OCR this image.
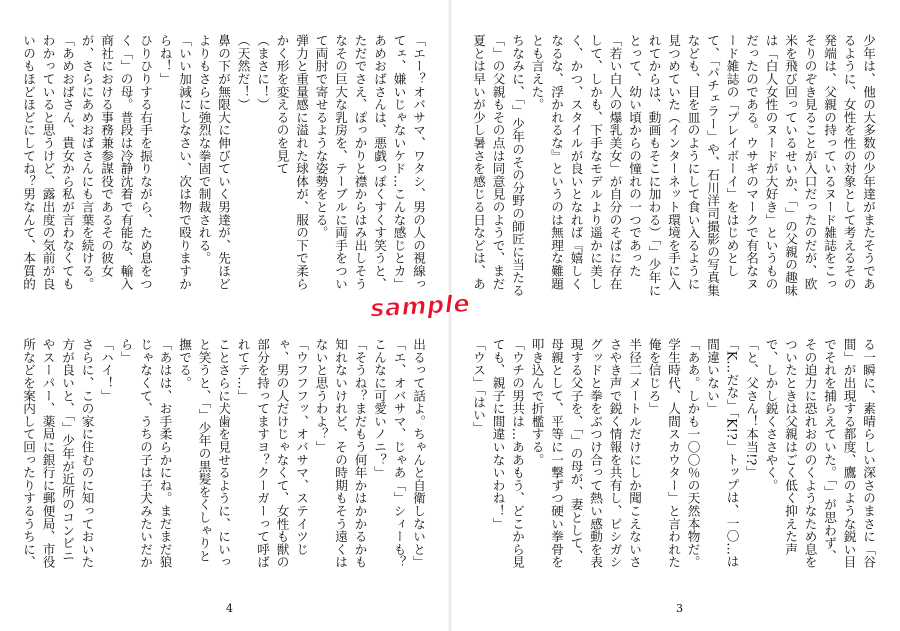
「エー？オバサマ、ワタシ、男の人の視線ってェ、嫌いじゃないケド…こんな感じとカ」
あめおばさんは、悪戯っぽくすくす笑うと、ただでさえ、ぽっかりと襟からはみ出しそうなその巨大な乳房を、テーブルに両手をついて両肘で寄せるような姿勢をとる。
弾力と重量感に溢れた球体が、服の下で柔らかく形を変えるのを見て
（まさに！）
（天然だ！）
鼻の下が無限大に伸びていく男達が、先ほどよりもさらに強烈な拳固で制裁される。
「いい加減にしなさい、次は物で殴りますからね！」
ひりひりする右手を振りながら、ため息をつく「」の母。普段は冷静沈着で有能な、輸入商社における事務兼参謀役であるその彼女が、さらにあめおばさんにも言葉を続ける。
「あめおばさん、貴女から私が言わなくてもわかっていると思うけど、露出度の気前が良いのもほどほどにしてね？男なんて、本質的
出るって話よ。ちゃんと自衛しないと」
「エ、オバサマ、じゃあ「」シィーも？こんなに可愛いノニ？」
「そうね？まだもう何年かはかかるかも知れないけれど、その時期もそう遠くはないと思うわよ？」
「ウフフフッ、オバサマ、ステイツじゃ、男の人だけじゃなくて、女性も獣の部分を持ってますヨ？クーガーって呼ばれてテ…」
ことさらに犬歯を見せるように、にいっと笑うと、「」少年の黒髪をくしゃりと撫でる。
「あはは、お手柔らかにね。まだまだ狼じゃなくて、うちの子は子犬みたいだから」
「ハイ！」
さらに、この家に住むのに知っておいた方が良いと、「」少年が近所のコンビニやスーパー、薬局に銀行に郵便局、市役所などを案内して回ったりするうちに、

4
少年は、他の大多数の少年達がまたそうであるように、女性を性の対象として考えるその発端は、父親の持っているヌード雑誌をこっそりのぞき見ることが入口だったのだが、欧米を飛び回っているせいか、「」の父親の趣味は「白人女性のヌードが大好き」というものだったのである。ウサギのマークで有名なヌード雑誌の「プレイボーイ」をはじめとして、「パチェラー」や、石川洋司撮影の写真集なども、目を皿のようにして食い入るように見つめていた（インターネット環境を手に入れてからは、動画もそこに加わる）「」少年にとって、幼い頃からの憧れの一つであった「若い白人の爆乳美女」が自分のそばに存在して、しかも、下手なモデルより遥かに美しく、かつ、スタイルが良いとなれば『嬉しくなるな、浮かれるな』というのは無理な難題とも言えた。
ちなみに、「」少年のその分野の師匠に当たる「」の父親もその点は同意見のようで、まだ夏とは早いが少し暑さを感じる日などは、あ
る一瞬に、素晴らしい深さのまさに「谷間」が出現する都度、鷹のような鋭い目でそれを捕らえていた。「」が思わず、その迫力に恐れおののくようなため息をついたときは父親はごく低く抑えた声で、しかし鋭くささやく。
「と、父さん！本当!?」
「K…だな」「K!?」トップは、一〇…は間違いない」
「ああ。しかも一〇〇％の天然本物だ。学生時代、人間スカウター」と言われた俺を信じろ」
半径二メートルだけにしか聞こえないささやき声で鋭く情報を共有し、ピシガシグッドと拳をぶつけ合って熱い感動を表現する父子を、「」の母が、妻として、母親として、平等に一撃ずつ硬い拳骨を叩き込んで折檻する。
「ウチの男共は…ああもう、どこから見ても、親子に間違いないわね！」
「ウス」「はい」

3
sample
